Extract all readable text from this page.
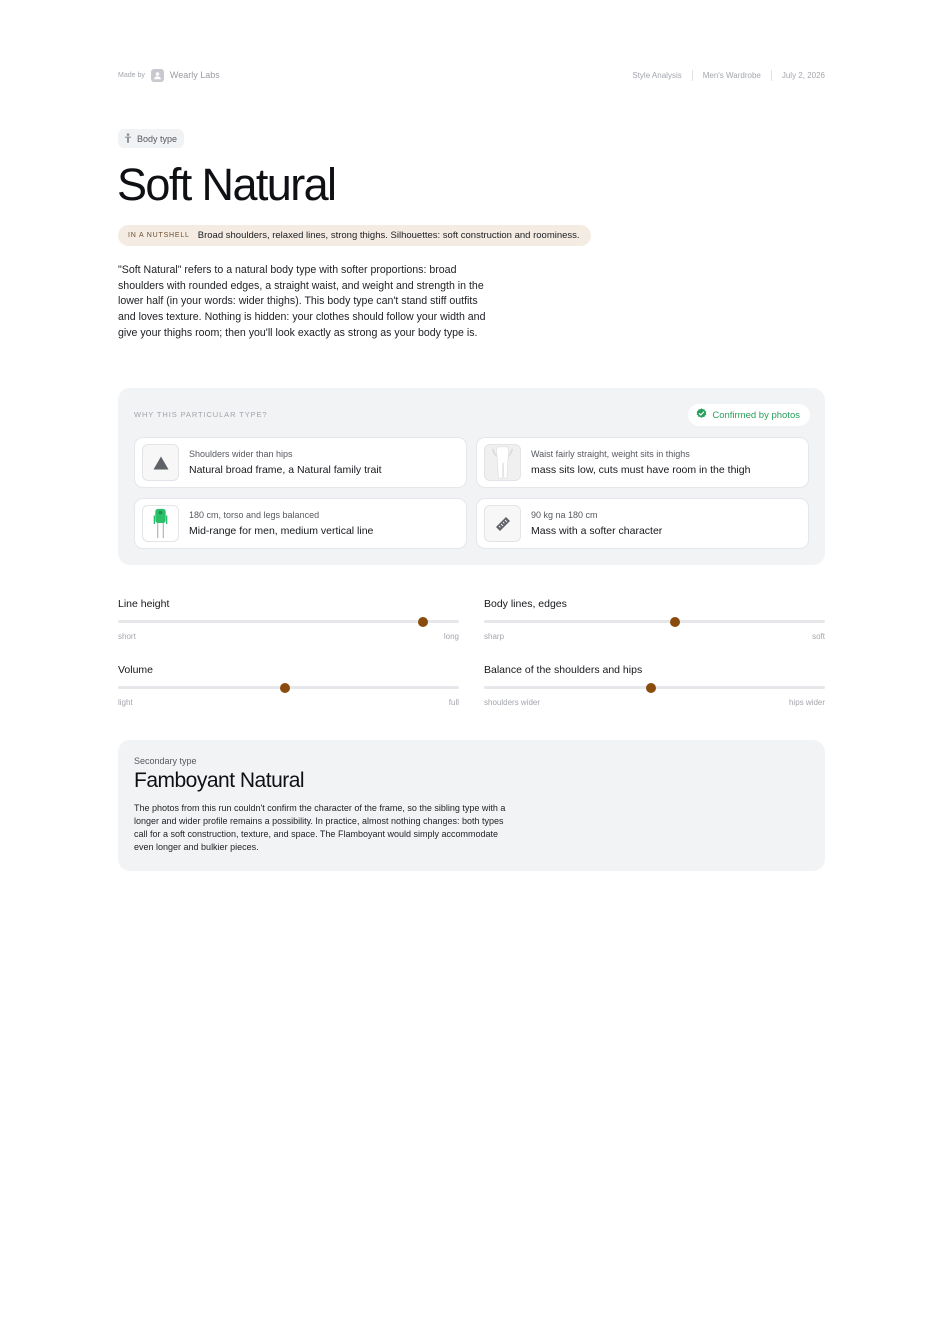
Made by	Wearly Labs	Style Analysis	Men's Wardrobe	July 2, 2026
Body type
Soft Natural
IN A NUTSHELL Broad shoulders, relaxed lines, strong thighs. Silhouettes: soft construction and roominess.

"Soft Natural" refers to a natural body type with softer proportions: broad shoulders with rounded edges, a straight waist, and weight and strength in the lower half (in your words: wider thighs). This body type can't stand stiff outfits and loves texture. Nothing is hidden: your clothes should follow your width and give your thighs room; then you'll look exactly as strong as your body type is.

WHY THIS PARTICULAR TYPE?	Confirmed by photos
Shoulders wider than hips
Natural broad frame, a Natural family trait
Waist fairly straight, weight sits in thighs
mass sits low, cuts must have room in the thigh
180 cm, torso and legs balanced
Mid-range for men, medium vertical line
90 kg na 180 cm
Mass with a softer character
Line height
short	long
Body lines, edges
sharp	soft
Volume
light	full
Balance of the shoulders and hips
shoulders wider	hips wider
Secondary type
Famboyant Natural

The photos from this run couldn't confirm the character of the frame, so the sibling type with a longer and wider profile remains a possibility. In practice, almost nothing changes: both types call for a soft construction, texture, and space. The Flamboyant would simply accommodate even longer and bulkier pieces.
